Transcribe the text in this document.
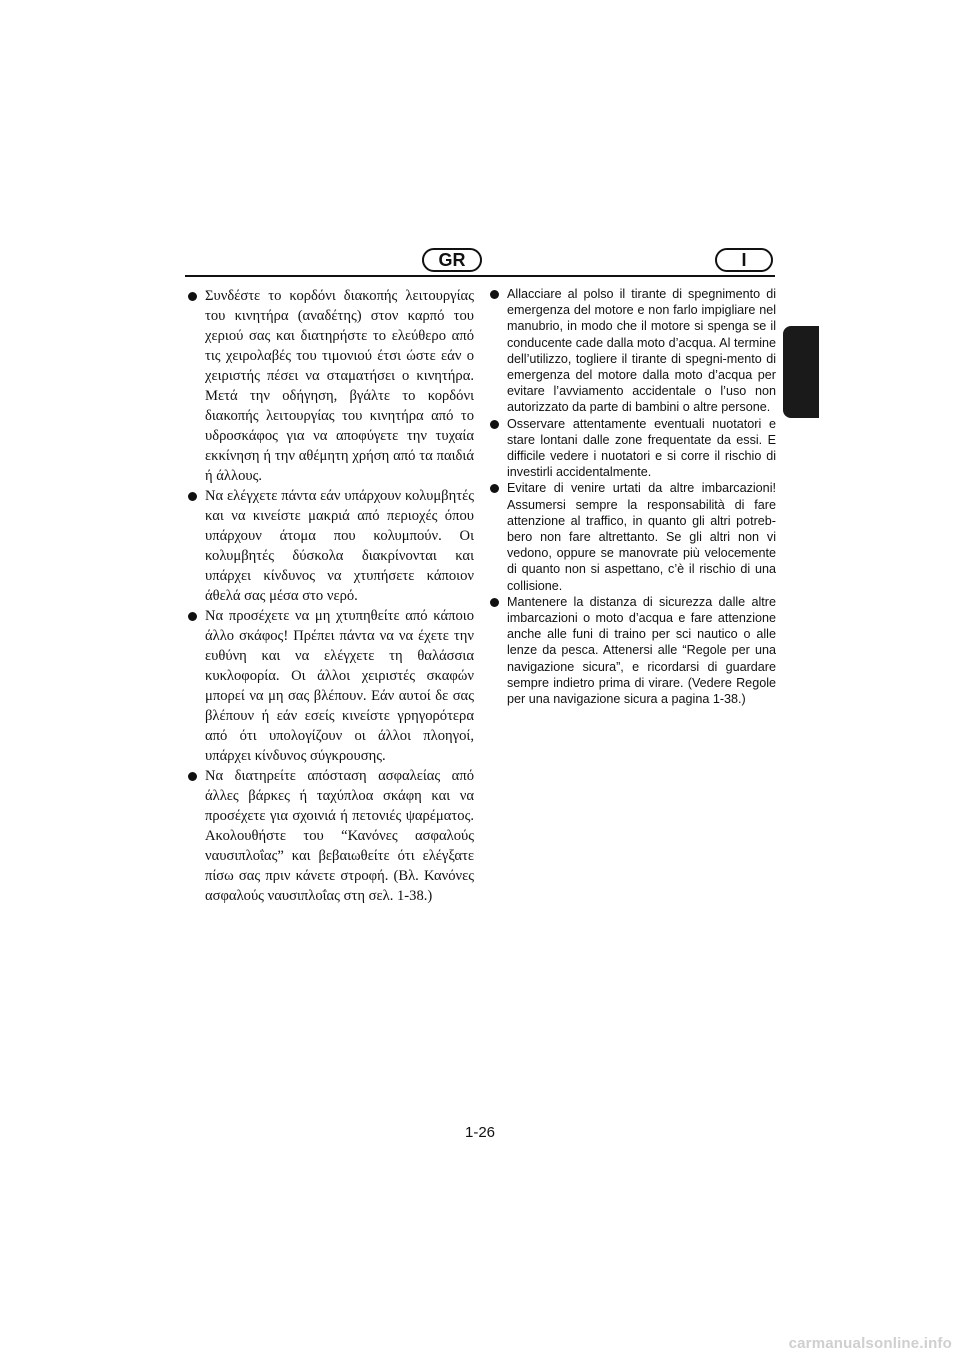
GR	I
Συνδέστε το κορδόνι διακοπής λειτουργίας του κινητήρα (αναδέτης) στον καρπό του χεριού σας και διατηρήστε το ελεύθερο από τις χειρολαβές του τιμονιού έτσι ώστε εάν ο χειριστής πέσει να σταματήσει ο κινητήρα. Μετά την οδήγηση, βγάλτε το κορδόνι διακοπής λειτουργίας του κινητήρα από το υδροσκάφος για να αποφύγετε την τυχαία εκκίνηση ή την αθέμητη χρήση από τα παιδιά ή άλλους.
Να ελέγχετε πάντα εάν υπάρχουν κολυμβητές και να κινείστε μακριά από περιοχές όπου υπάρχουν άτομα που κολυμπούν. Οι κολυμβητές δύσκολα διακρίνονται και υπάρχει κίνδυνος να χτυπήσετε κάποιον άθελά σας μέσα στο νερό.
Να προσέχετε να μη χτυπηθείτε από κάποιο άλλο σκάφος! Πρέπει πάντα να να έχετε την ευθύνη και να ελέγχετε τη θαλάσσια κυκλοφορία. Οι άλλοι χειριστές σκαφών μπορεί να μη σας βλέπουν. Εάν αυτοί δε σας βλέπουν ή εάν εσείς κινείστε γρηγορότερα από ότι υπολογίζουν οι άλλοι πλοηγοί, υπάρχει κίνδυνος σύγκρουσης.
Να διατηρείτε απόσταση ασφαλείας από άλλες βάρκες ή ταχύπλοα σκάφη και να προσέχετε για σχοινιά ή πετονιές ψαρέματος. Ακολουθήστε του “Κανόνες ασφαλούς ναυσιπλοΐας” και βεβαιωθείτε ότι ελέγξατε πίσω σας πριν κάνετε στροφή. (Βλ. Κανόνες ασφαλούς ναυσιπλοΐας στη σελ. 1-38.)
Allacciare al polso il tirante di spegnimento di emergenza del motore e non farlo impigliare nel manubrio, in modo che il motore si spenga se il conducente cade dalla moto d’acqua. Al termine dell’utilizzo, togliere il tirante di spegni-mento di emergenza del motore dalla moto d’acqua per evitare l’avviamento accidentale o l’uso non autorizzato da parte di bambini o altre persone.
Osservare attentamente eventuali nuotatori e stare lontani dalle zone frequentate da essi. E difficile vedere i nuotatori e si corre il rischio di investirli accidentalmente.
Evitare di venire urtati da altre imbarcazioni! Assumersi sempre la responsabilità di fare attenzione al traffico, in quanto gli altri potreb-bero non fare altrettanto. Se gli altri non vi vedono, oppure se manovrate più velocemente di quanto non si aspettano, c’è il rischio di una collisione.
Mantenere la distanza di sicurezza dalle altre imbarcazioni o moto d’acqua e fare attenzione anche alle funi di traino per sci nautico o alle lenze da pesca. Attenersi alle “Regole per una navigazione sicura”, e ricordarsi di guardare sempre indietro prima di virare. (Vedere Regole per una navigazione sicura a pagina 1-38.)
1-26
carmanualsonline.info
